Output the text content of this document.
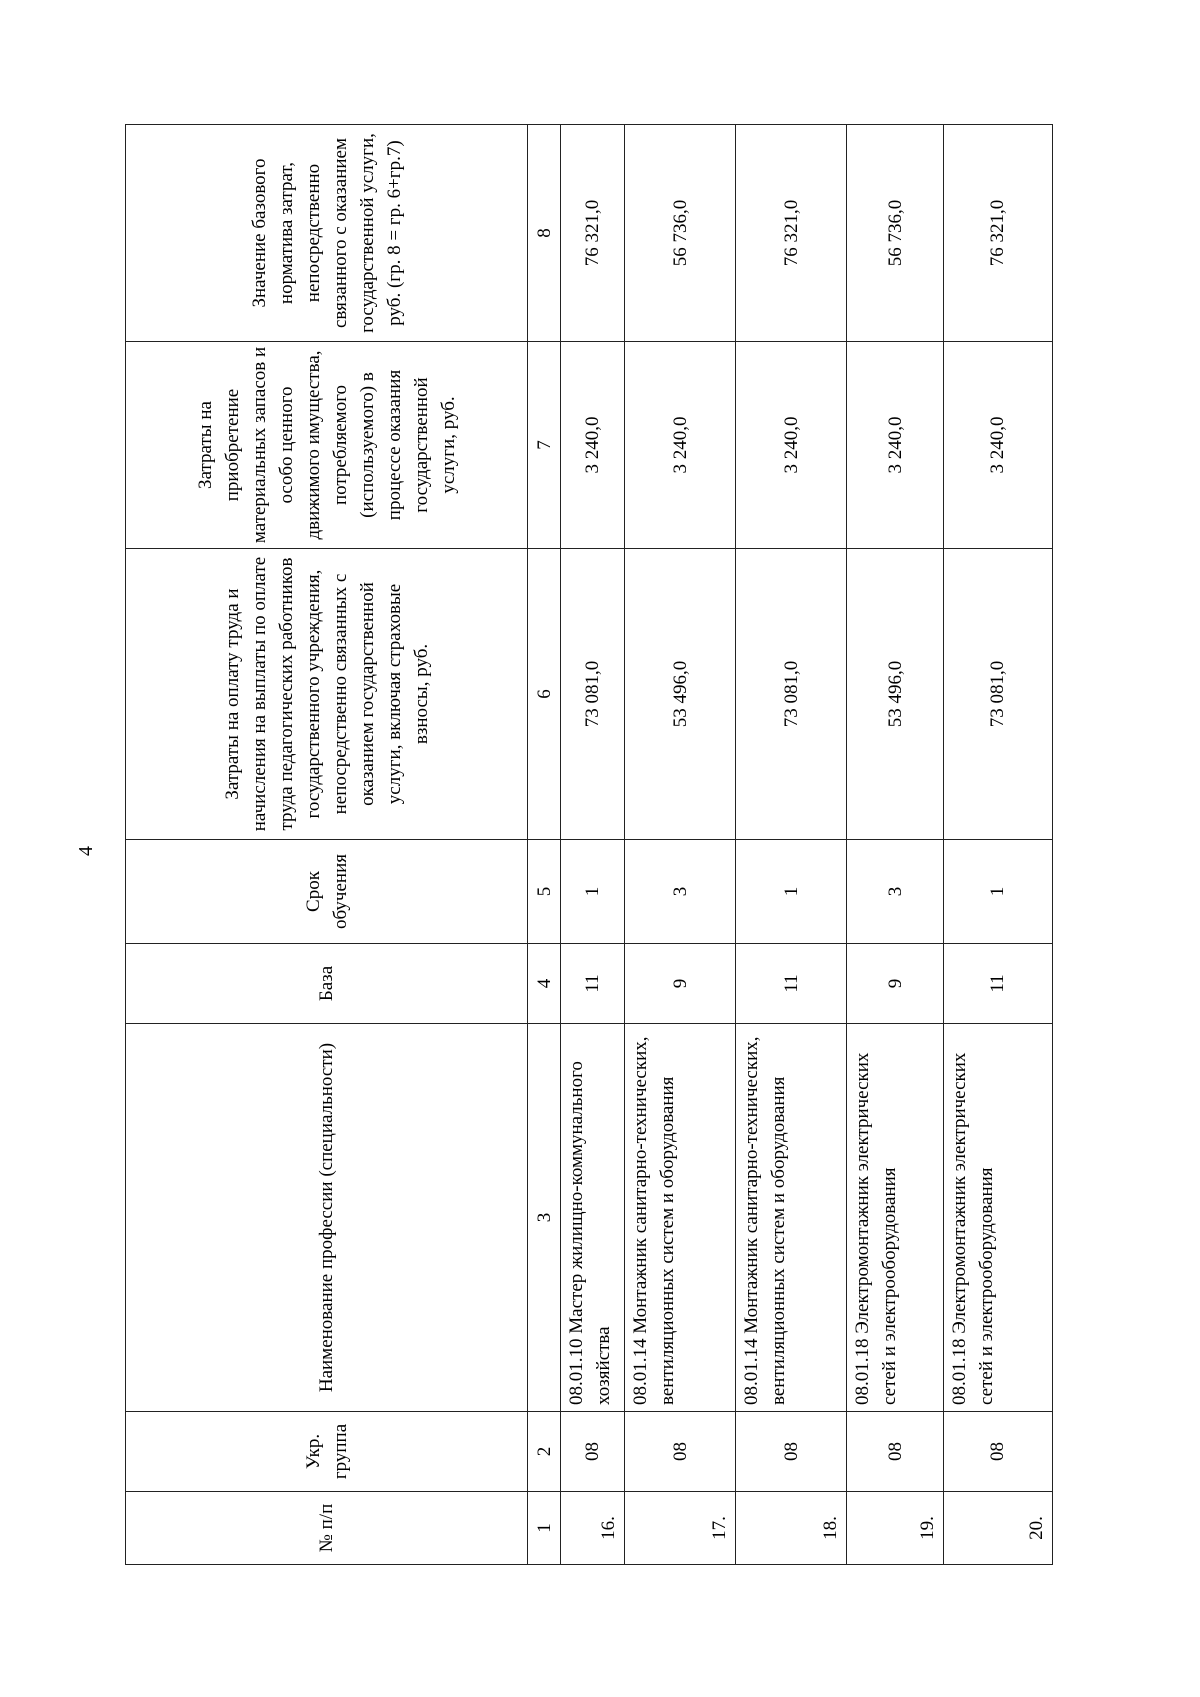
4
№ п/п	Укр. группа	Наименование профессии (специальности)	База	Срок обучения	Затраты на оплату труда и начисления на выплаты по оплате труда педагогических работников государственного учреждения, непосредственно связанных с оказанием государственной услуги, включая страховые взносы, руб.	Затраты на приобретение материальных запасов и особо ценного движимого имущества, потребляемого (используемого) в процессе оказания государственной услуги, руб.	Значение базового норматива затрат, непосредственно связанного с оказанием государственной услуги, руб. (гр. 8 = гр. 6+гр.7)
1	2	3	4	5	6	7	8
16.	08	08.01.10 Мастер жилищно-коммунального хозяйства	11	1	73 081,0	3 240,0	76 321,0
17.	08	08.01.14 Монтажник санитарно-технических, вентиляционных систем и оборудования	9	3	53 496,0	3 240,0	56 736,0
18.	08	08.01.14 Монтажник санитарно-технических, вентиляционных систем и оборудования	11	1	73 081,0	3 240,0	76 321,0
19.	08	08.01.18 Электромонтажник электрических сетей и электрооборудования	9	3	53 496,0	3 240,0	56 736,0
20.	08	08.01.18 Электромонтажник электрических сетей и электрооборудования	11	1	73 081,0	3 240,0	76 321,0
